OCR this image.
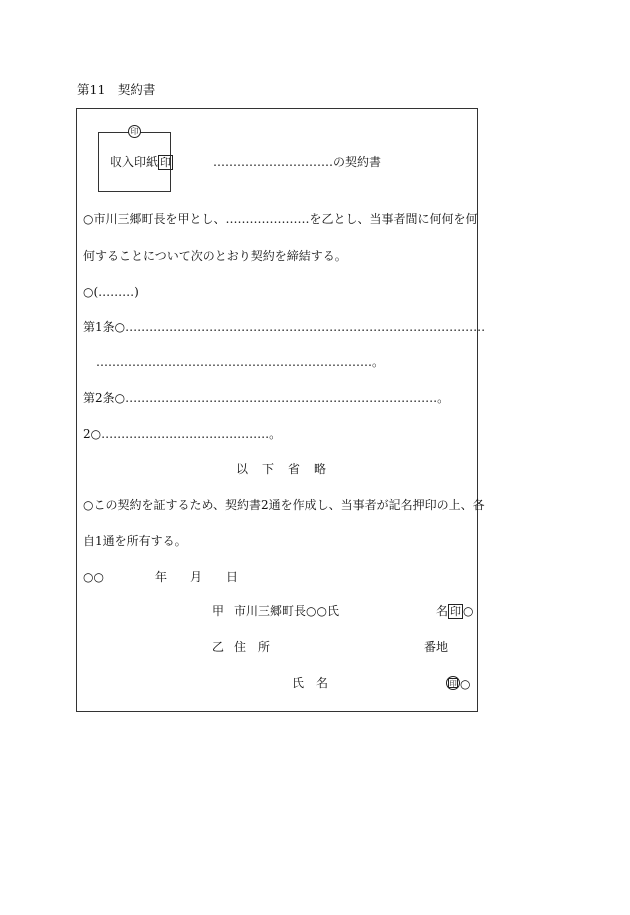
第11　契約書
印
収入印紙 印	…………………………の契約書
○市川三郷町長を甲とし、…………………を乙とし、当事者間に何何を何
何することについて次のとおり契約を締結する。
○(………)
第1条○………………………………………………………………………………
……………………………………………………………。
第2条○……………………………………………………………………。
2○……………………………………。
以下省略
○この契約を証するため、契約書2通を作成し、当事者が記名押印の上、各
自1通を所有する。
○○	年 月 日
甲 市川三郷町長○○氏	名 印 ○
乙 住　所	番地
氏　名	印 ○
